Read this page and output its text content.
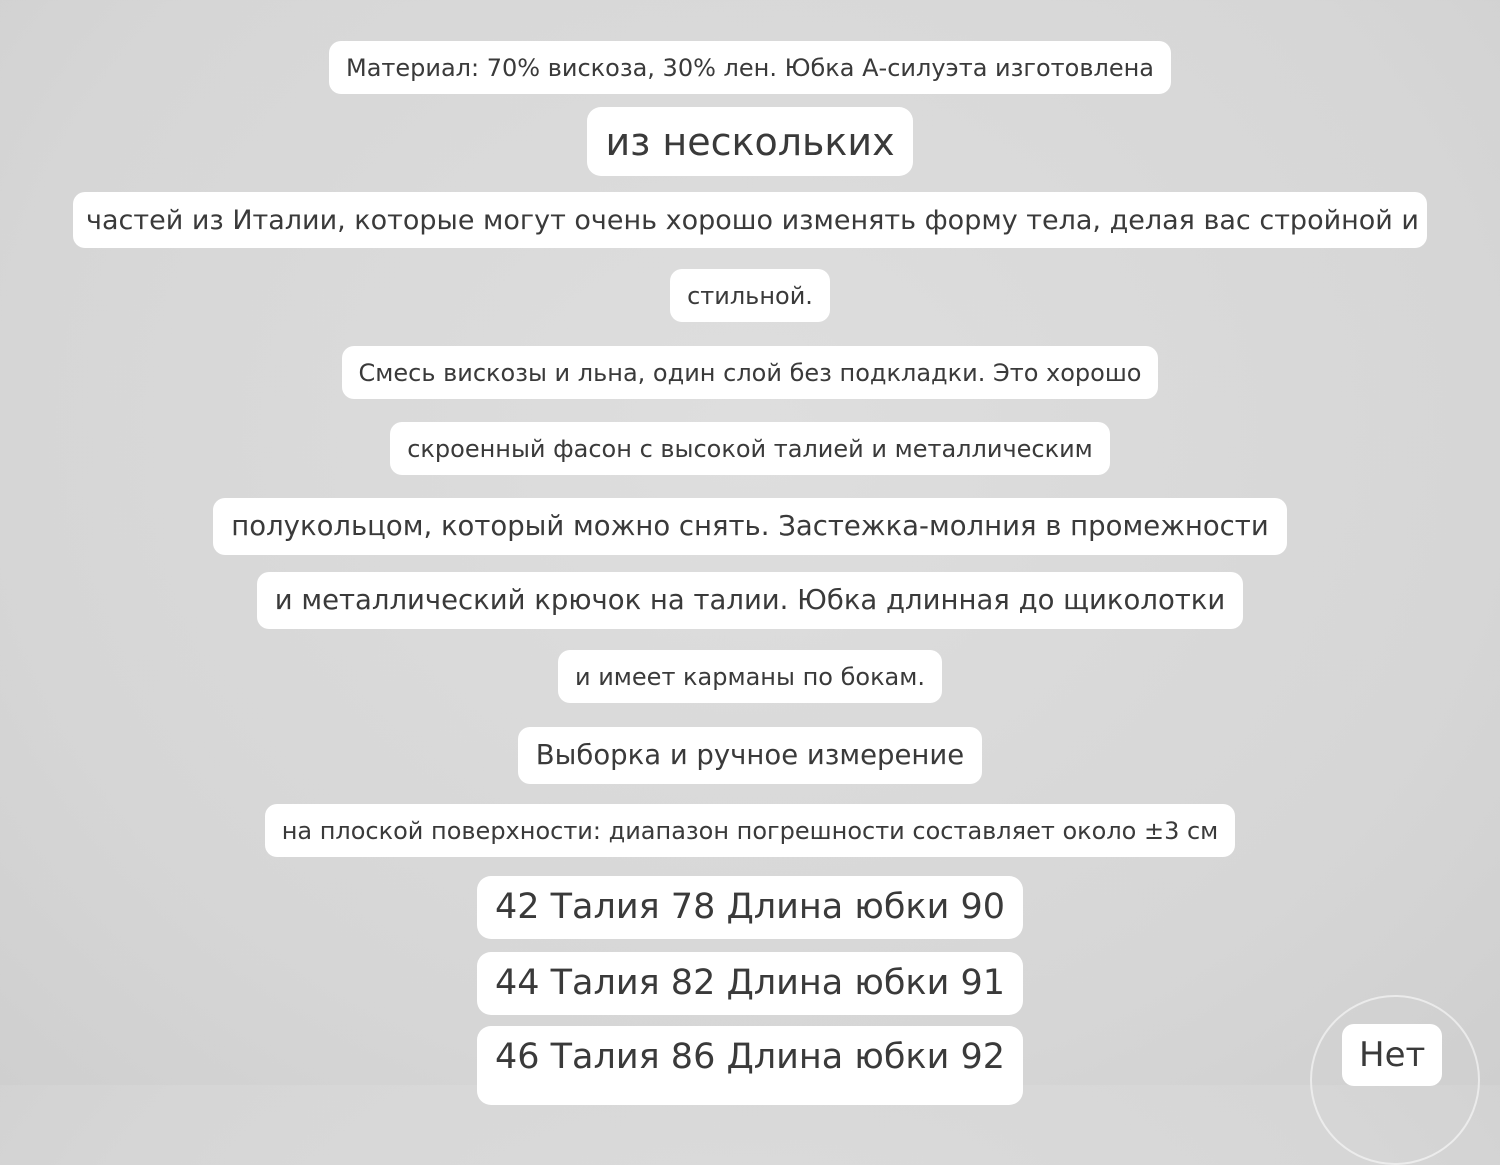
Материал: 70% вискоза, 30% лен. Юбка А-силуэта изготовлена
из нескольких
частей из Италии, которые могут очень хорошо изменять форму тела, делая вас стройной и
стильной.
Смесь вискозы и льна, один слой без подкладки. Это хорошо
скроенный фасон с высокой талией и металлическим
полукольцом, который можно снять. Застежка-молния в промежности
и металлический крючок на талии. Юбка длинная до щиколотки
и имеет карманы по бокам.
Выборка и ручное измерение
на плоской поверхности: диапазон погрешности составляет около ±3 см
42 Талия 78 Длина юбки 90
44 Талия 82 Длина юбки 91
46 Талия 86 Длина юбки 92	Нет
